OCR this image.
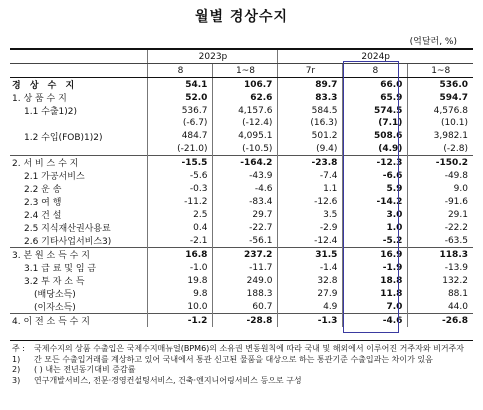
월별 경상수지
(억달러, %)
	2023p		2024p		
	8	1~8	7r	8	1~8
경 상 수 지	54.1	106.7	89.7	66.0	536.0
1. 상 품 수 지	52.0	62.6	83.3	65.9	594.7
1.1 수출1)2)	536.7	4,157.6	584.5	574.5	4,576.8
	(-6.7)	(-12.4)	(16.3)	(7.1)	(10.1)
1.2 수입(FOB)1)2)	484.7	4,095.1	501.2	508.6	3,982.1
	(-21.0)	(-10.5)	(9.4)	(4.9)	(-2.8)
2. 서 비 스 수 지	-15.5	-164.2	-23.8	-12.3	-150.2
2.1 가공서비스	-5.6	-43.9	-7.4	-6.6	-49.8
2.2 운 송	-0.3	-4.6	1.1	5.9	9.0
2.3 여 행	-11.2	-83.4	-12.6	-14.2	-91.6
2.4 건 설	2.5	29.7	3.5	3.0	29.1
2.5 지식재산권사용료	0.4	-22.7	-2.9	1.0	-22.2
2.6 기타사업서비스3)	-2.1	-56.1	-12.4	-5.2	-63.5
3. 본 원 소 득 수 지	16.8	237.2	31.5	16.9	118.3
3.1 급 료 및 임 금	-1.0	-11.7	-1.4	-1.9	-13.9
3.2 투 자 소 득	19.8	249.0	32.8	18.8	132.2
(배당소득)	9.8	188.3	27.9	11.8	88.1
(이자소득)	10.0	60.7	4.9	7.0	44.0
4. 이 전 소 득 수 지	-1.2	-28.8	-1.3	-4.6	-26.8
주 : 1)
국제수지의 상품 수출입은 국제수지매뉴얼(BPM6)의 소유권 변동원칙에 따라 국내 및 해외에서 이루어진 거주자와 비거주자 간 모든 수출입거래를 계상하고 있어 국내에서 통관 신고된 물품을 대상으로 하는 통관기준 수출입과는 차이가 있음
2)	( ) 내는 전년동기대비 증감률
3)	연구개발서비스, 전문·경영컨설팅서비스, 건축·엔지니어링서비스 등으로 구성
